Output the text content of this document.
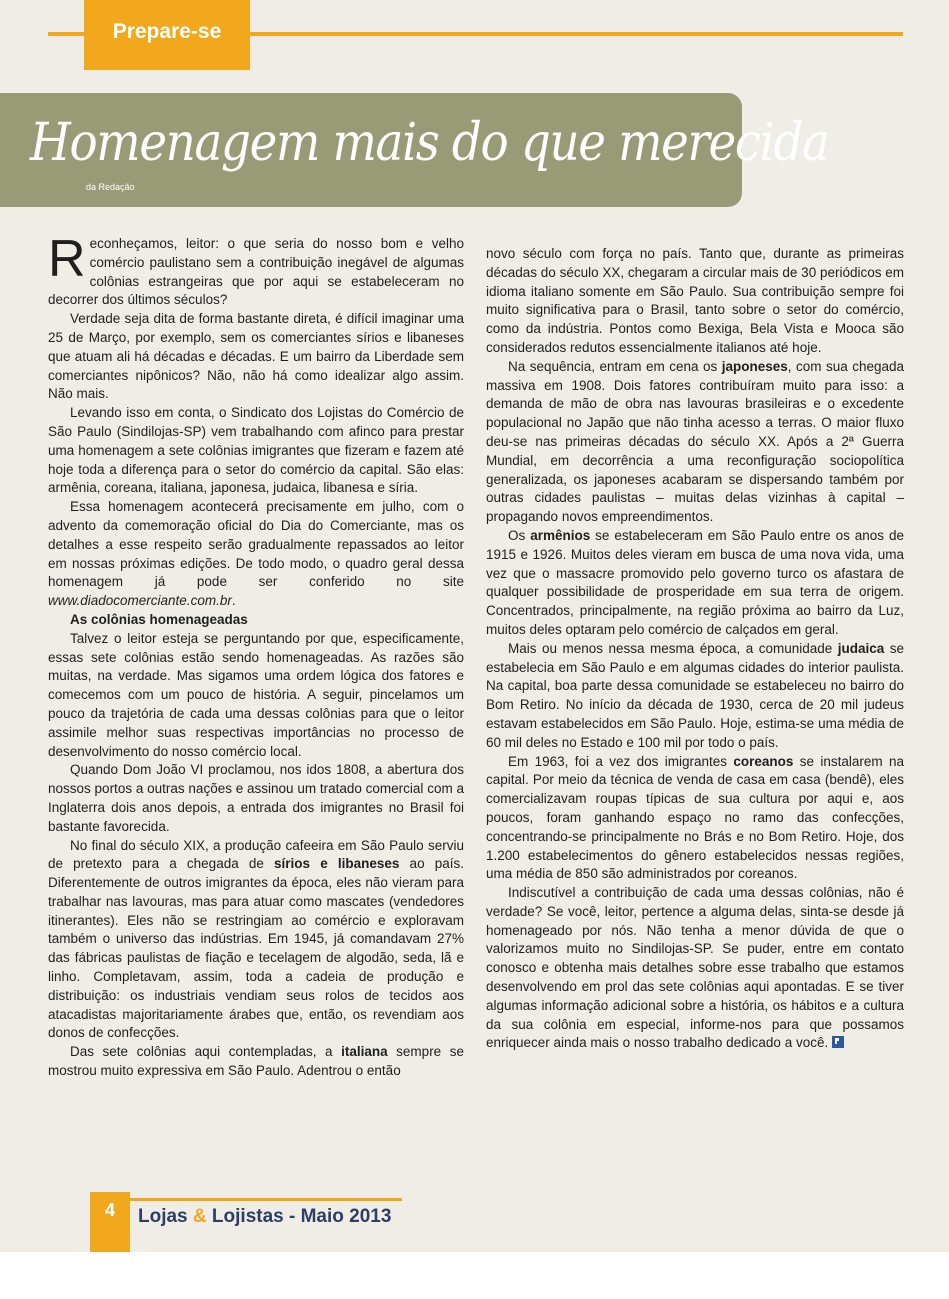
Prepare-se
Homenagem mais do que merecida
da Redação

Reconheçamos, leitor: o que seria do nosso bom e velho comércio paulistano sem a contribuição inegável de algumas colônias estrangeiras que por aqui se estabeleceram no decorrer dos últimos séculos?

Verdade seja dita de forma bastante direta, é difícil imaginar uma 25 de Março, por exemplo, sem os comerciantes sírios e libaneses que atuam ali há décadas e décadas. E um bairro da Liberdade sem comerciantes nipônicos? Não, não há como idealizar algo assim. Não mais.

Levando isso em conta, o Sindicato dos Lojistas do Comércio de São Paulo (Sindilojas-SP) vem trabalhando com afinco para prestar uma homenagem a sete colônias imigrantes que fizeram e fazem até hoje toda a diferença para o setor do comércio da capital. São elas: armênia, coreana, italiana, japonesa, judaica, libanesa e síria.

Essa homenagem acontecerá precisamente em julho, com o advento da comemoração oficial do Dia do Comerciante, mas os detalhes a esse respeito serão gradualmente repassados ao leitor em nossas próximas edições. De todo modo, o quadro geral dessa homenagem já pode ser conferido no site www.diadocomerciante.com.br.

As colônias homenageadas

Talvez o leitor esteja se perguntando por que, especificamente, essas sete colônias estão sendo homenageadas. As razões são muitas, na verdade. Mas sigamos uma ordem lógica dos fatores e comecemos com um pouco de história. A seguir, pincelamos um pouco da trajetória de cada uma dessas colônias para que o leitor assimile melhor suas respectivas importâncias no processo de desenvolvimento do nosso comércio local.

Quando Dom João VI proclamou, nos idos 1808, a abertura dos nossos portos a outras nações e assinou um tratado comercial com a Inglaterra dois anos depois, a entrada dos imigrantes no Brasil foi bastante favorecida.

No final do século XIX, a produção cafeeira em São Paulo serviu de pretexto para a chegada de sírios e libaneses ao país. Diferentemente de outros imigrantes da época, eles não vieram para trabalhar nas lavouras, mas para atuar como mascates (vendedores itinerantes). Eles não se restringiam ao comércio e exploravam também o universo das indústrias. Em 1945, já comandavam 27% das fábricas paulistas de fiação e tecelagem de algodão, seda, lã e linho. Completavam, assim, toda a cadeia de produção e distribuição: os industriais vendiam seus rolos de tecidos aos atacadistas majoritariamente árabes que, então, os revendiam aos donos de confecções.

Das sete colônias aqui contempladas, a italiana sempre se mostrou muito expressiva em São Paulo. Adentrou o então

novo século com força no país. Tanto que, durante as primeiras décadas do século XX, chegaram a circular mais de 30 periódicos em idioma italiano somente em São Paulo. Sua contribuição sempre foi muito significativa para o Brasil, tanto sobre o setor do comércio, como da indústria. Pontos como Bexiga, Bela Vista e Mooca são considerados redutos essencialmente italianos até hoje.

Na sequência, entram em cena os japoneses, com sua chegada massiva em 1908. Dois fatores contribuíram muito para isso: a demanda de mão de obra nas lavouras brasileiras e o excedente populacional no Japão que não tinha acesso a terras. O maior fluxo deu-se nas primeiras décadas do século XX. Após a 2ª Guerra Mundial, em decorrência a uma reconfiguração sociopolítica generalizada, os japoneses acabaram se dispersando também por outras cidades paulistas – muitas delas vizinhas à capital – propagando novos empreendimentos.

Os armênios se estabeleceram em São Paulo entre os anos de 1915 e 1926. Muitos deles vieram em busca de uma nova vida, uma vez que o massacre promovido pelo governo turco os afastara de qualquer possibilidade de prosperidade em sua terra de origem. Concentrados, principalmente, na região próxima ao bairro da Luz, muitos deles optaram pelo comércio de calçados em geral.

Mais ou menos nessa mesma época, a comunidade judaica se estabelecia em São Paulo e em algumas cidades do interior paulista. Na capital, boa parte dessa comunidade se estabeleceu no bairro do Bom Retiro. No início da década de 1930, cerca de 20 mil judeus estavam estabelecidos em São Paulo. Hoje, estima-se uma média de 60 mil deles no Estado e 100 mil por todo o país.

Em 1963, foi a vez dos imigrantes coreanos se instalarem na capital. Por meio da técnica de venda de casa em casa (bendê), eles comercializavam roupas típicas de sua cultura por aqui e, aos poucos, foram ganhando espaço no ramo das confecções, concentrando-se principalmente no Brás e no Bom Retiro. Hoje, dos 1.200 estabelecimentos do gênero estabelecidos nessas regiões, uma média de 850 são administrados por coreanos.

Indiscutível a contribuição de cada uma dessas colônias, não é verdade? Se você, leitor, pertence a alguma delas, sinta-se desde já homenageado por nós. Não tenha a menor dúvida de que o valorizamos muito no Sindilojas-SP. Se puder, entre em contato conosco e obtenha mais detalhes sobre esse trabalho que estamos desenvolvendo em prol das sete colônias aqui apontadas. E se tiver algumas informação adicional sobre a história, os hábitos e a cultura da sua colônia em especial, informe-nos para que possamos enriquecer ainda mais o nosso trabalho dedicado a você.

4	Lojas & Lojistas - Maio 2013
